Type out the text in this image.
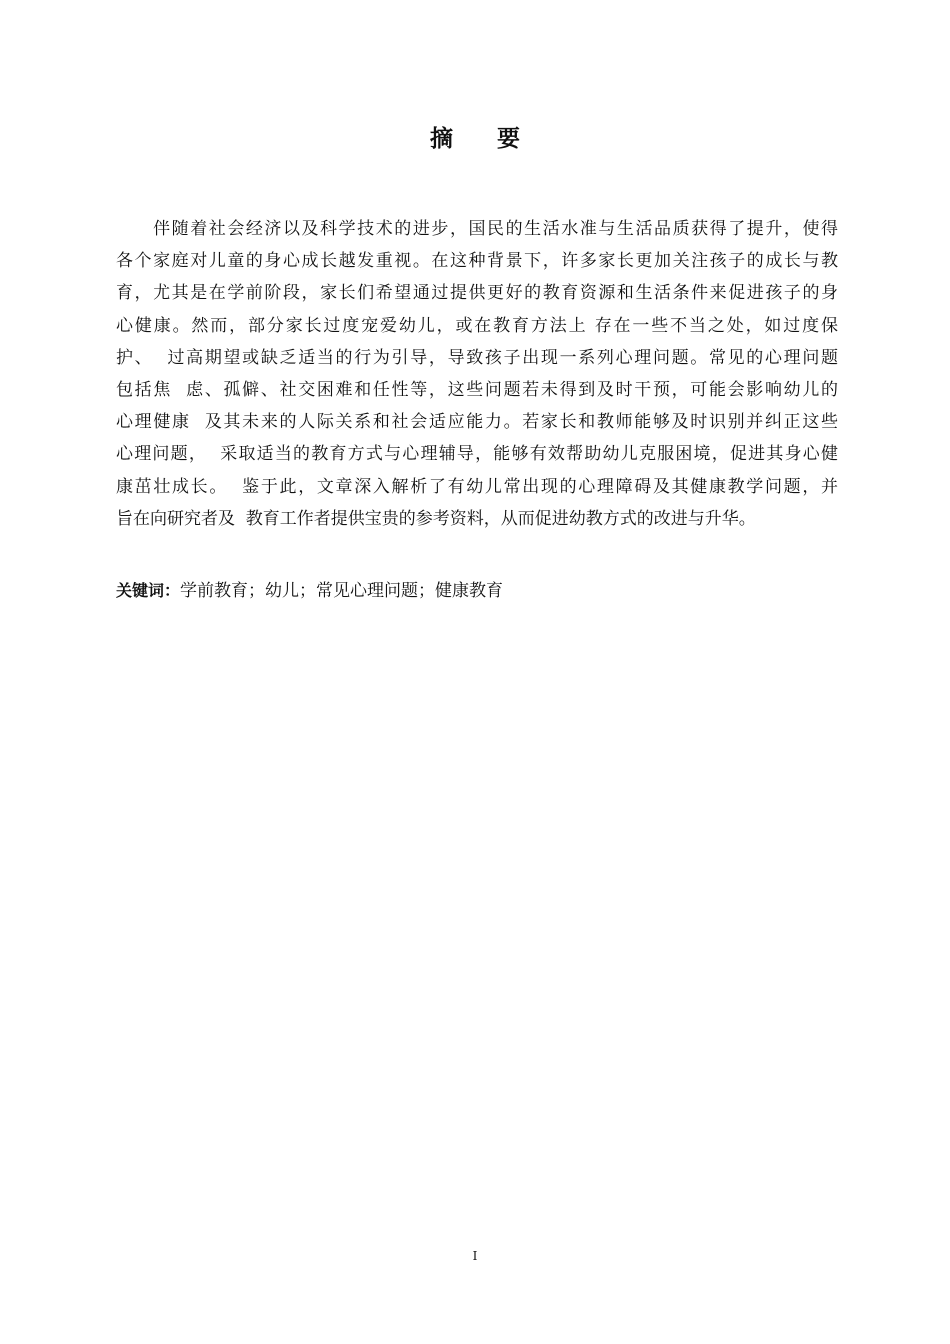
摘 要
　　伴随着社会经济以及科学技术的进步，国民的生活水准与生活品质获得了提升，使得
各个家庭对儿童的身心成长越发重视。在这种背景下，许多家长更加关注孩子的成长与教
育，尤其是在学前阶段，家长们希望通过提供更好的教育资源和生活条件来促进孩子的身
心健康。然而，部分家长过度宠爱幼儿，或在教育方法上 存在一些不当之处，如过度保
护、  过高期望或缺乏适当的行为引导，导致孩子出现一系列心理问题。常见的心理问题
包括焦  虑、孤僻、社交困难和任性等，这些问题若未得到及时干预，可能会影响幼儿的
心理健康  及其未来的人际关系和社会适应能力。若家长和教师能够及时识别并纠正这些
心理问题，  采取适当的教育方式与心理辅导，能够有效帮助幼儿克服困境，促进其身心健
康茁壮成长。  鉴于此，文章深入解析了有幼儿常出现的心理障碍及其健康教学问题，并
旨在向研究者及  教育工作者提供宝贵的参考资料，从而促进幼教方式的改进与升华。
关键词：学前教育；幼儿；常见心理问题；健康教育
I
